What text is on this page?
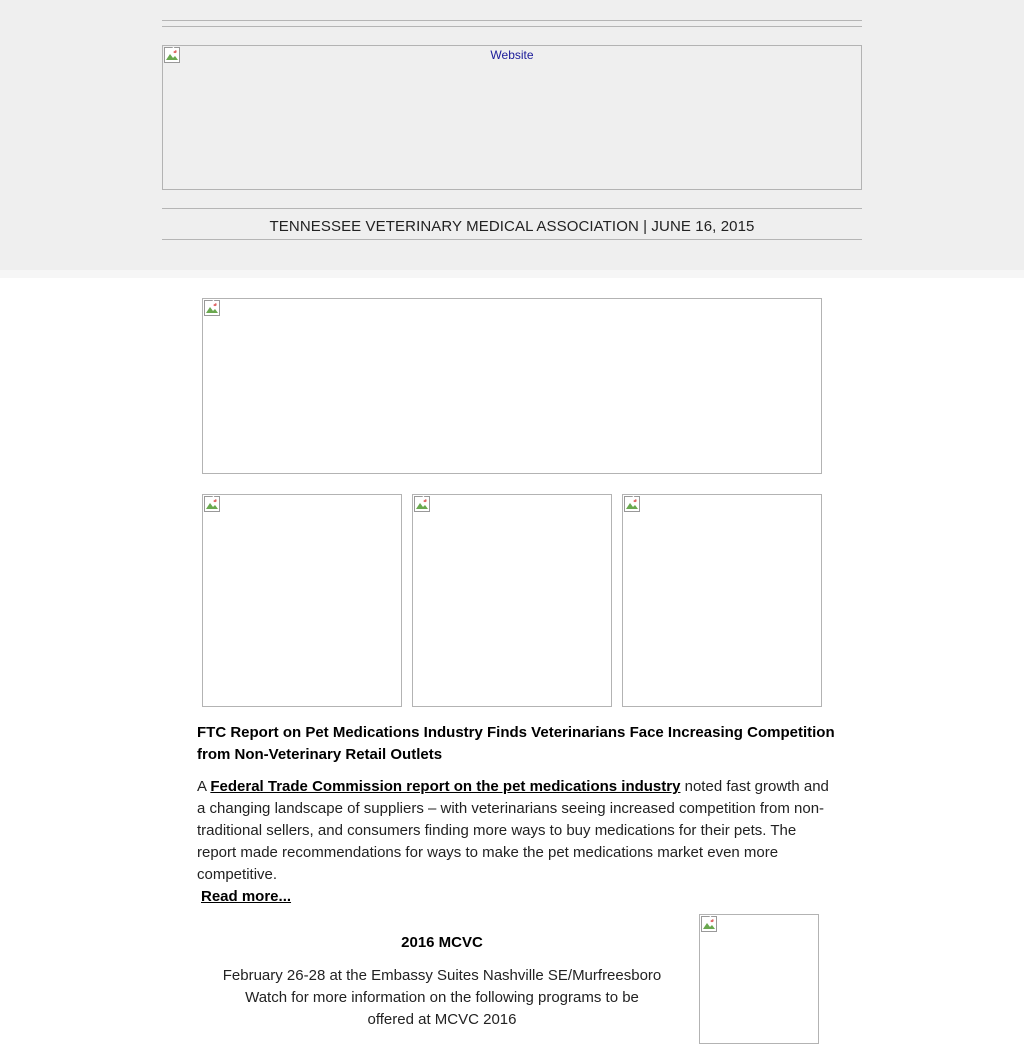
Website
TENNESSEE VETERINARY MEDICAL ASSOCIATION | JUNE 16, 2015
FTC Report on Pet Medications Industry Finds Veterinarians Face Increasing Competition from Non-Veterinary Retail Outlets
A Federal Trade Commission report on the pet medications industry noted fast growth and a changing landscape of suppliers – with veterinarians seeing increased competition from non-traditional sellers, and consumers finding more ways to buy medications for their pets. The report made recommendations for ways to make the pet medications market even more competitive.
Read more...
2016 MCVC
February 26-28 at the Embassy Suites Nashville SE/Murfreesboro
Watch for more information on the following programs to be offered at MCVC 2016
